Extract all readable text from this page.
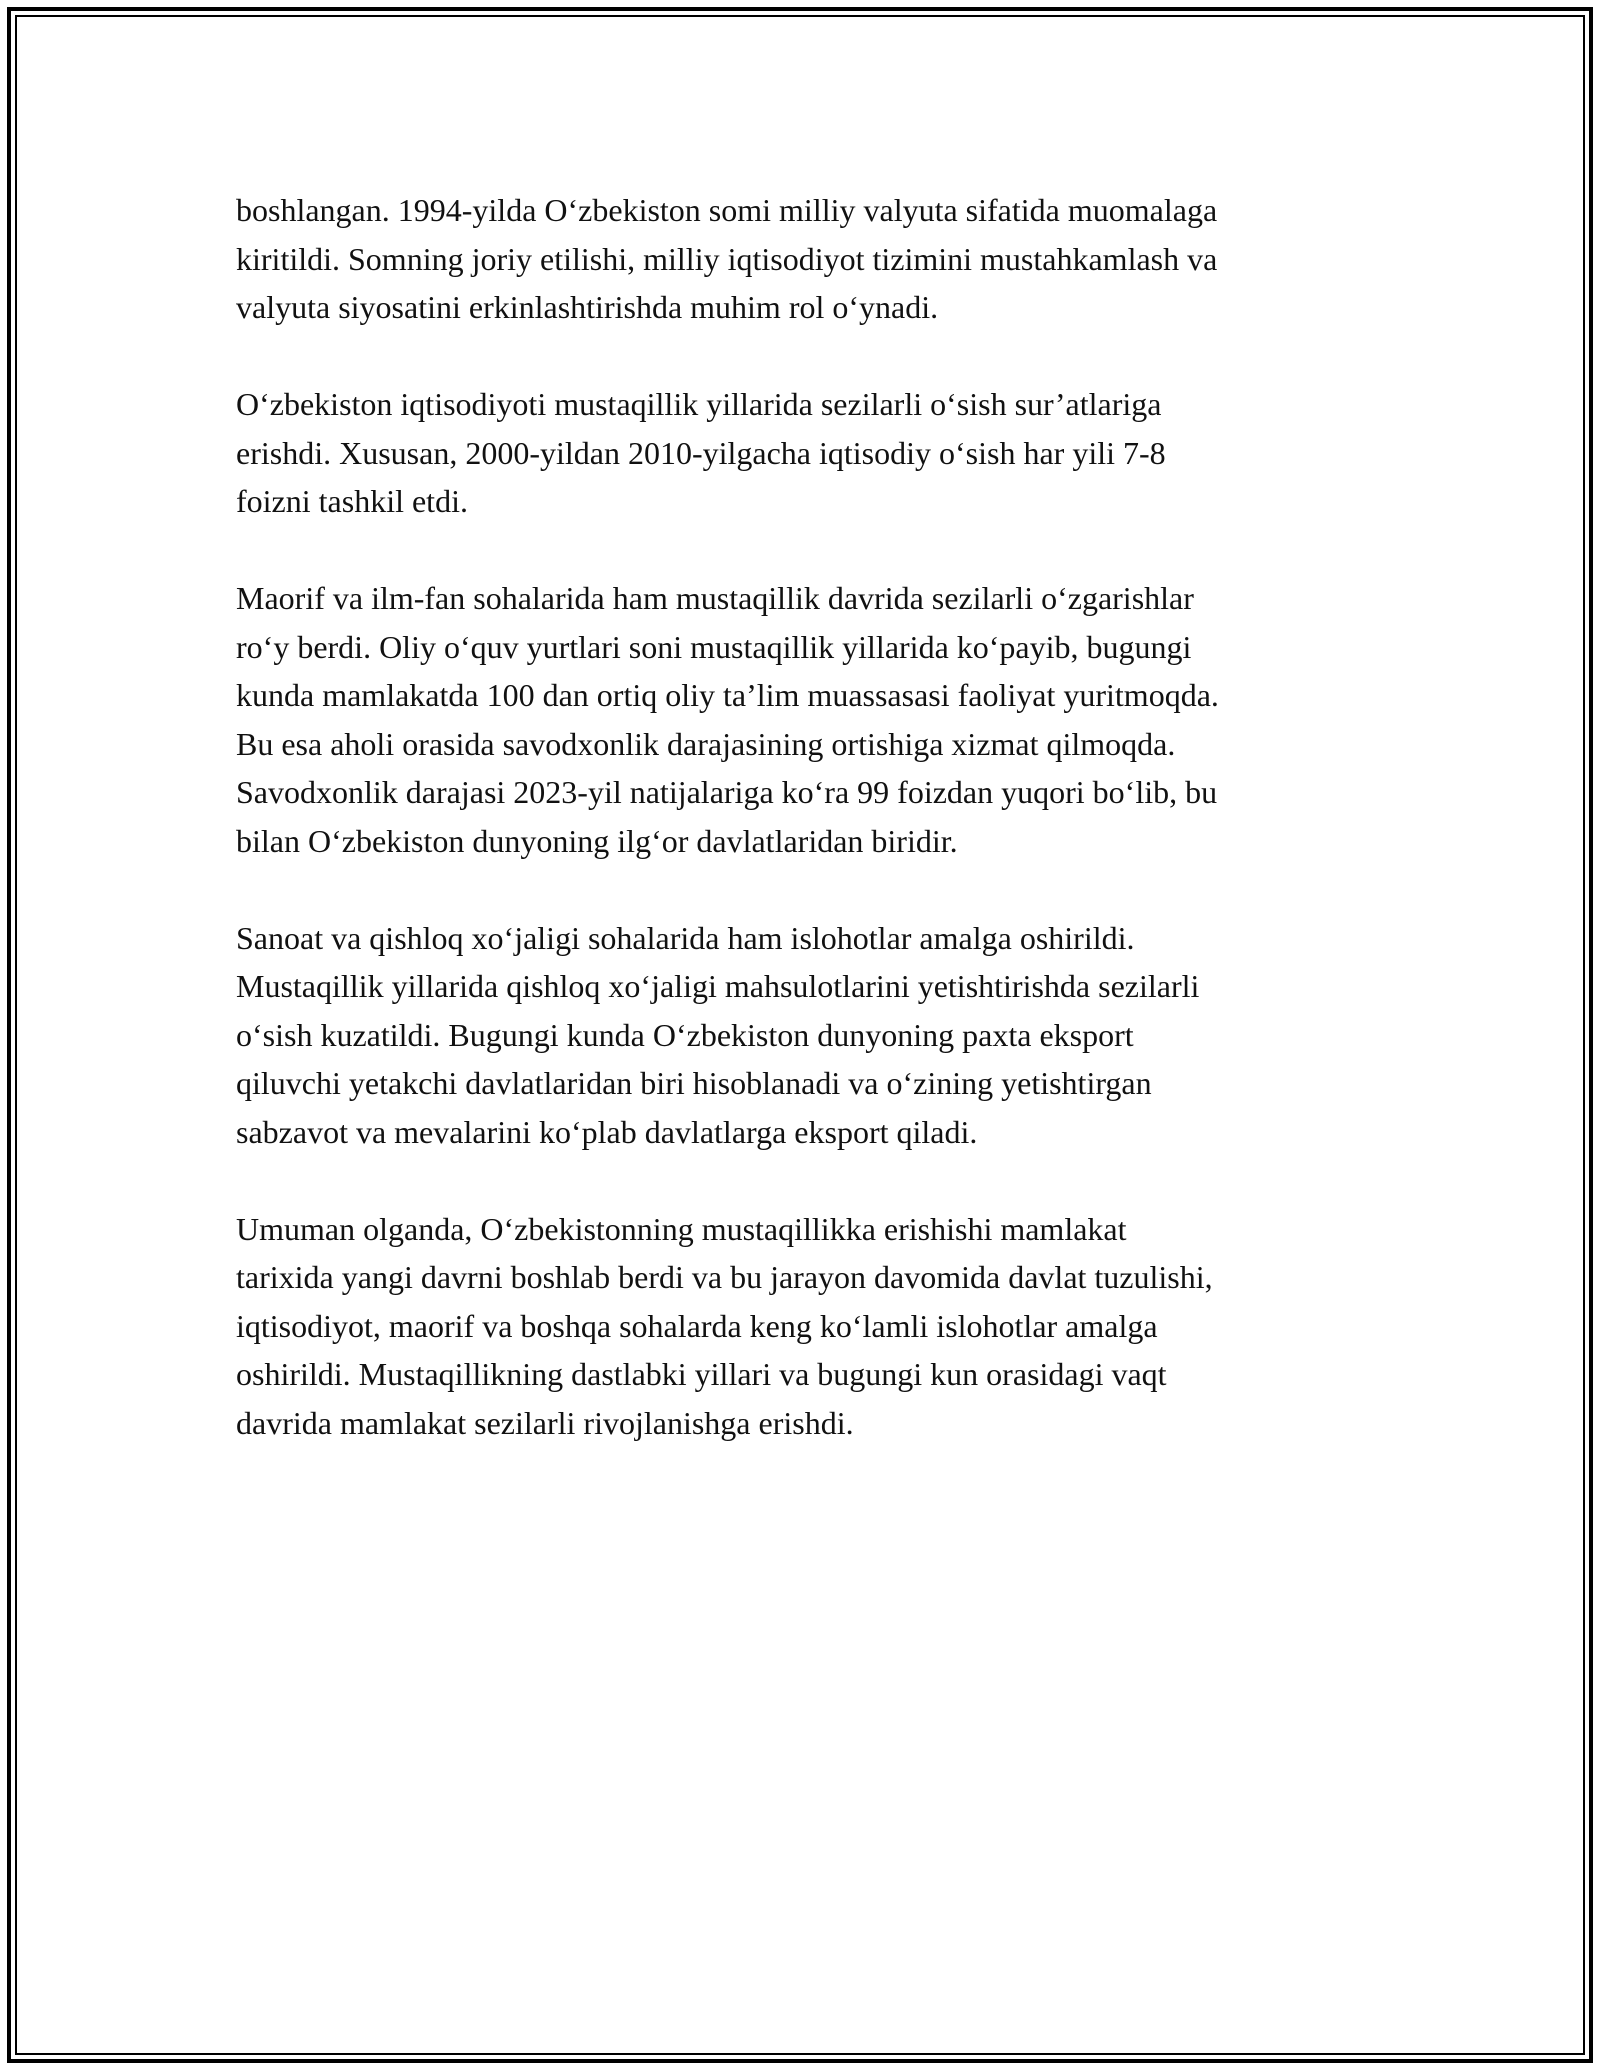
boshlangan. 1994-yilda O‘zbekiston somi milliy valyuta sifatida muomalaga
kiritildi. Somning joriy etilishi, milliy iqtisodiyot tizimini mustahkamlash va
valyuta siyosatini erkinlashtirishda muhim rol o‘ynadi.

O‘zbekiston iqtisodiyoti mustaqillik yillarida sezilarli o‘sish sur’atlariga
erishdi. Xususan, 2000-yildan 2010-yilgacha iqtisodiy o‘sish har yili 7-8
foizni tashkil etdi.

Maorif va ilm-fan sohalarida ham mustaqillik davrida sezilarli o‘zgarishlar
ro‘y berdi. Oliy o‘quv yurtlari soni mustaqillik yillarida ko‘payib, bugungi
kunda mamlakatda 100 dan ortiq oliy ta’lim muassasasi faoliyat yuritmoqda.
Bu esa aholi orasida savodxonlik darajasining ortishiga xizmat qilmoqda.
Savodxonlik darajasi 2023-yil natijalariga ko‘ra 99 foizdan yuqori bo‘lib, bu
bilan O‘zbekiston dunyoning ilg‘or davlatlaridan biridir.

Sanoat va qishloq xo‘jaligi sohalarida ham islohotlar amalga oshirildi.
Mustaqillik yillarida qishloq xo‘jaligi mahsulotlarini yetishtirishda sezilarli
o‘sish kuzatildi. Bugungi kunda O‘zbekiston dunyoning paxta eksport
qiluvchi yetakchi davlatlaridan biri hisoblanadi va o‘zining yetishtirgan
sabzavot va mevalarini ko‘plab davlatlarga eksport qiladi.

Umuman olganda, O‘zbekistonning mustaqillikka erishishi mamlakat
tarixida yangi davrni boshlab berdi va bu jarayon davomida davlat tuzulishi,
iqtisodiyot, maorif va boshqa sohalarda keng ko‘lamli islohotlar amalga
oshirildi. Mustaqillikning dastlabki yillari va bugungi kun orasidagi vaqt
davrida mamlakat sezilarli rivojlanishga erishdi.
